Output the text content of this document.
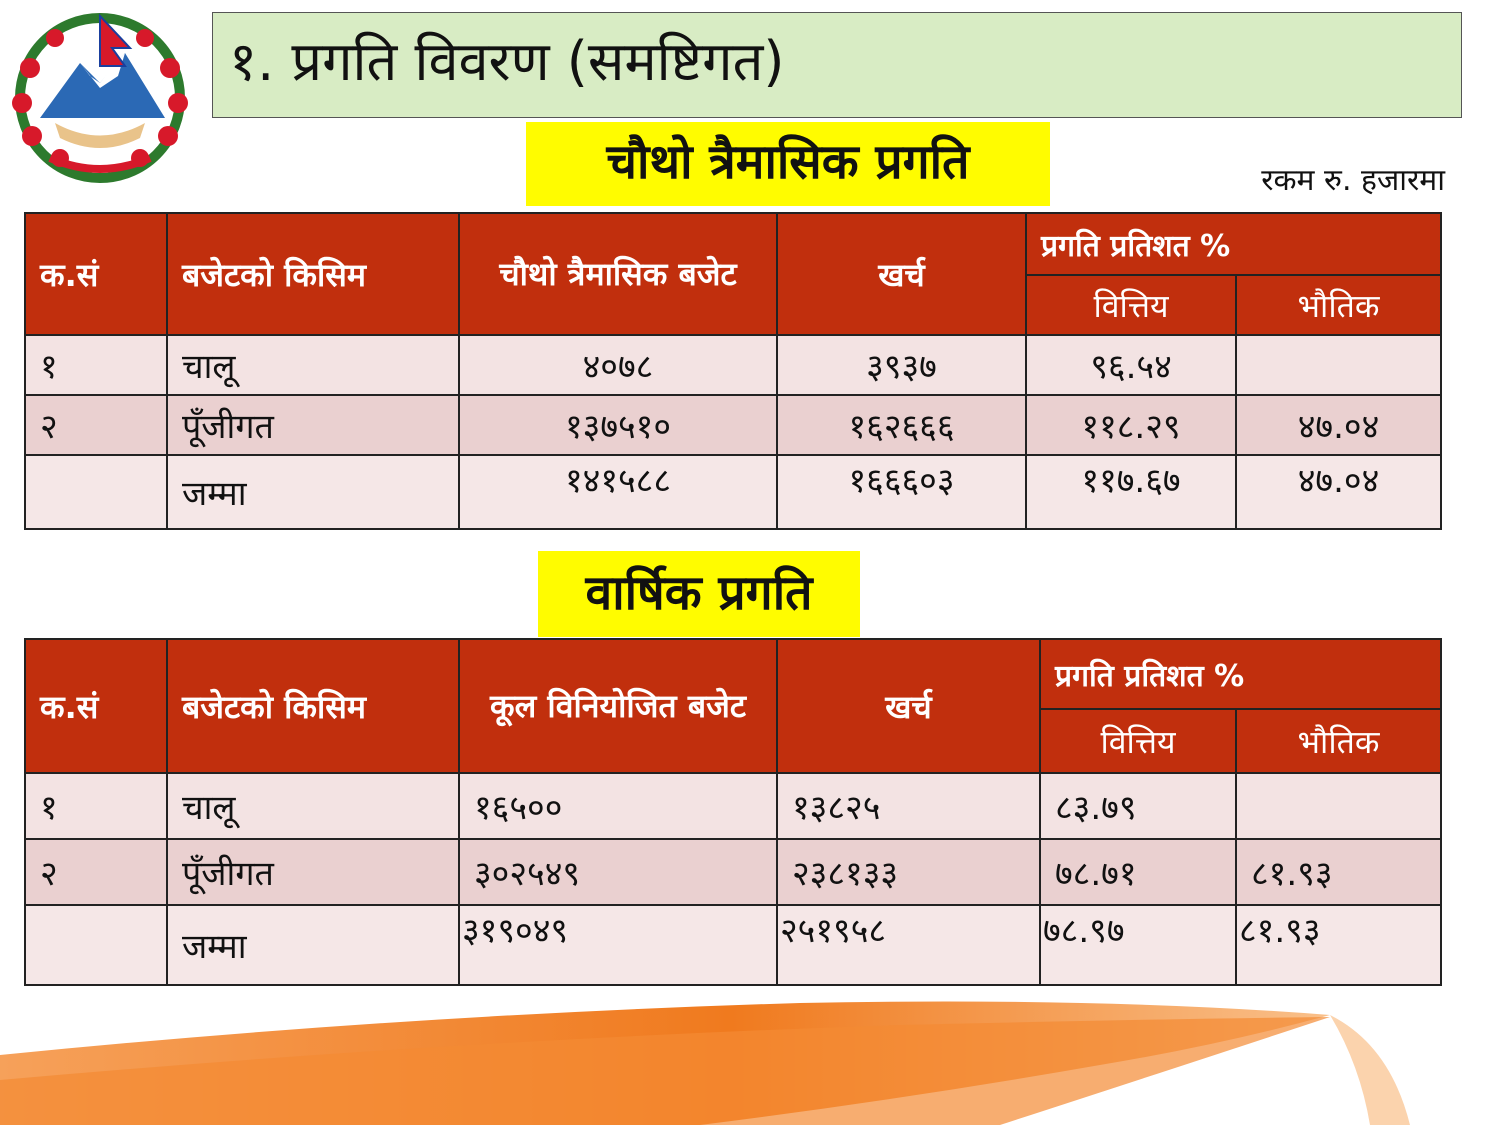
१. प्रगति विवरण (समष्टिगत)
चौथो त्रैमासिक प्रगति	रकम रु. हजारमा
क.सं	बजेटको किसिम	चौथो त्रैमासिक बजेट	खर्च	प्रगति प्रतिशत %	
				वित्तिय	भौतिक
१	चालू	४०७८	३९३७	९६.५४	
२	पूँजीगत	१३७५१०	१६२६६६	११८.२९	४७.०४
	जम्मा	१४१५८८	१६६६०३	११७.६७	४७.०४
वार्षिक प्रगति
क.सं	बजेटको किसिम	कूल विनियोजित बजेट	खर्च	प्रगति प्रतिशत %	
				वित्तिय	भौतिक
१	चालू	१६५००	१३८२५	८३.७९	
२	पूँजीगत	३०२५४९	२३८१३३	७८.७१	८१.९३
	जम्मा	३१९०४९	२५१९५८	७८.९७	८१.९३
